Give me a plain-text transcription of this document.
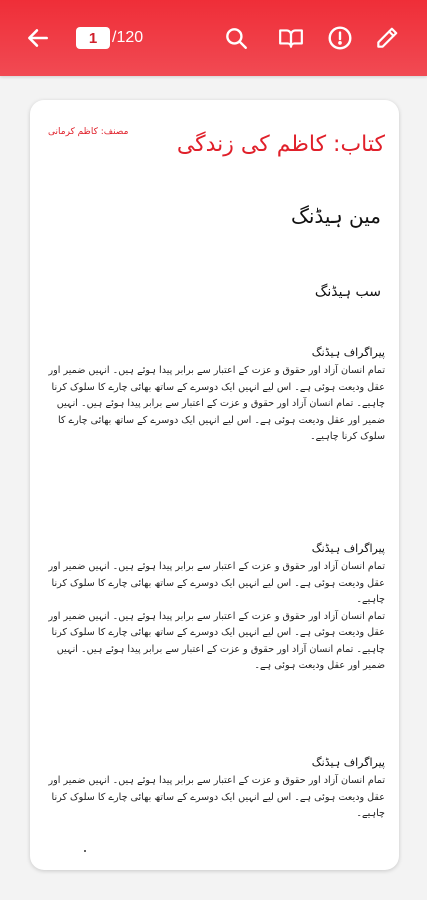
1 /120
مصنف: کاظم کرمانی کتاب: کاظم کی زندگی
مین ہیڈنگ
سب ہیڈنگ
پیراگراف ہیڈنگ

تمام انسان آزاد اور حقوق و عزت کے اعتبار سے برابر پیدا ہوئے ہیں۔ انہیں ضمیر اور عقل ودیعت ہوئی ہے۔ اس لیے انہیں ایک دوسرے کے ساتھ بھائی چارے کا سلوک کرنا چاہیے۔ تمام انسان آزاد اور حقوق و عزت کے اعتبار سے برابر پیدا ہوئے ہیں۔ انہیں ضمیر اور عقل ودیعت ہوئی ہے۔ اس لیے انہیں ایک دوسرے کے ساتھ بھائی چارے کا سلوک کرنا چاہیے۔

پیراگراف ہیڈنگ

تمام انسان آزاد اور حقوق و عزت کے اعتبار سے برابر پیدا ہوئے ہیں۔ انہیں ضمیر اور عقل ودیعت ہوئی ہے۔ اس لیے انہیں ایک دوسرے کے ساتھ بھائی چارے کا سلوک کرنا چاہیے۔

تمام انسان آزاد اور حقوق و عزت کے اعتبار سے برابر پیدا ہوئے ہیں۔ انہیں ضمیر اور عقل ودیعت ہوئی ہے۔ اس لیے انہیں ایک دوسرے کے ساتھ بھائی چارے کا سلوک کرنا چاہیے۔ تمام انسان آزاد اور حقوق و عزت کے اعتبار سے برابر پیدا ہوئے ہیں۔ انہیں ضمیر اور عقل ودیعت ہوئی ہے۔

پیراگراف ہیڈنگ

تمام انسان آزاد اور حقوق و عزت کے اعتبار سے برابر پیدا ہوئے ہیں۔ انہیں ضمیر اور عقل ودیعت ہوئی ہے۔ اس لیے انہیں ایک دوسرے کے ساتھ بھائی چارے کا سلوک کرنا چاہیے۔
